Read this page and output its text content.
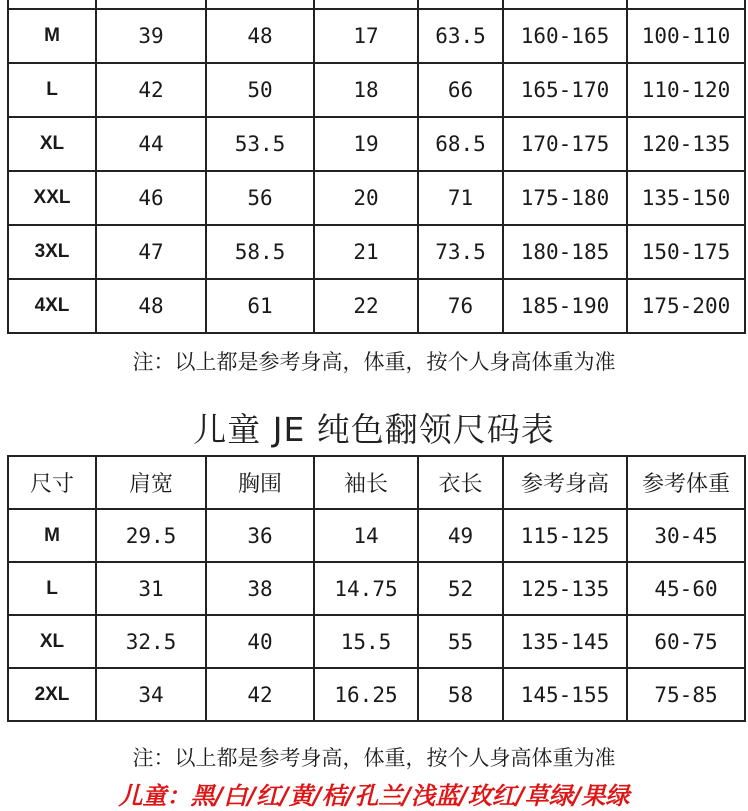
M	39	48	17	63.5	160-165	100-110
L	42	50	18	66	165-170	110-120
XL	44	53.5	19	68.5	170-175	120-135
XXL	46	56	20	71	175-180	135-150
3XL	47	58.5	21	73.5	180-185	150-175
4XL	48	61	22	76	185-190	175-200
注：以上都是参考身高，体重，按个人身高体重为准
儿童 JE 纯色翻领尺码表
尺寸	肩宽	胸围	袖长	衣长	参考身高	参考体重
M	29.5	36	14	49	115-125	30-45
L	31	38	14.75	52	125-135	45-60
XL	32.5	40	15.5	55	135-145	60-75
2XL	34	42	16.25	58	145-155	75-85
注：以上都是参考身高，体重，按个人身高体重为准
儿童：黑/白/红/黄/桔/孔兰/浅蓝/玫红/草绿/果绿
